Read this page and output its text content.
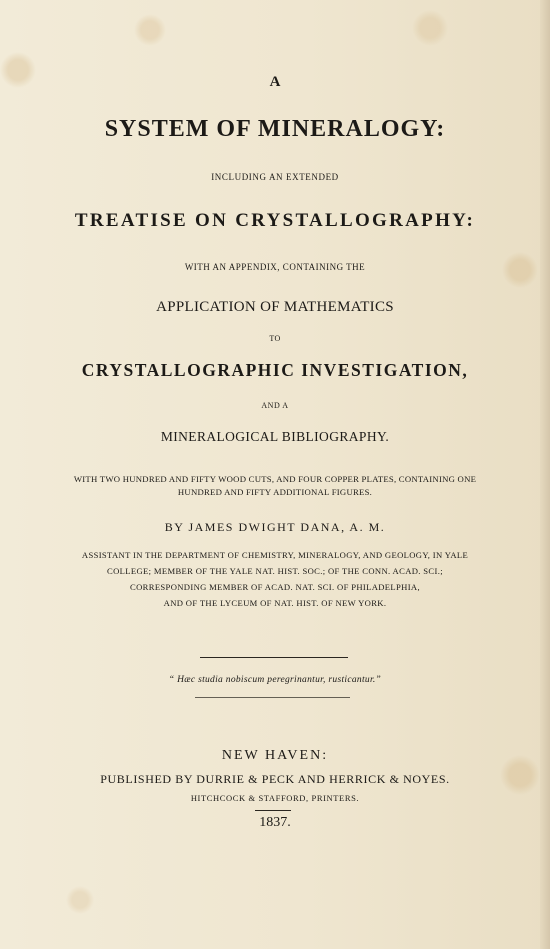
A

SYSTEM OF MINERALOGY:

INCLUDING AN EXTENDED

TREATISE ON CRYSTALLOGRAPHY:

WITH AN APPENDIX, CONTAINING THE

APPLICATION OF MATHEMATICS

TO

CRYSTALLOGRAPHIC INVESTIGATION,

AND A

MINERALOGICAL BIBLIOGRAPHY.

WITH TWO HUNDRED AND FIFTY WOOD CUTS, AND FOUR COPPER PLATES, CONTAINING ONE
HUNDRED AND FIFTY ADDITIONAL FIGURES.

BY JAMES DWIGHT DANA, A. M.

ASSISTANT IN THE DEPARTMENT OF CHEMISTRY, MINERALOGY, AND GEOLOGY, IN YALE
COLLEGE; MEMBER OF THE YALE NAT. HIST. SOC.; OF THE CONN. ACAD. SCI.;
CORRESPONDING MEMBER OF ACAD. NAT. SCI. OF PHILADELPHIA,
AND OF THE LYCEUM OF NAT. HIST. OF NEW YORK.

“ Hæc studia nobiscum peregrinantur, rusticantur.”

NEW HAVEN:

PUBLISHED BY DURRIE & PECK AND HERRICK & NOYES.

HITCHCOCK & STAFFORD, PRINTERS.

1837.
